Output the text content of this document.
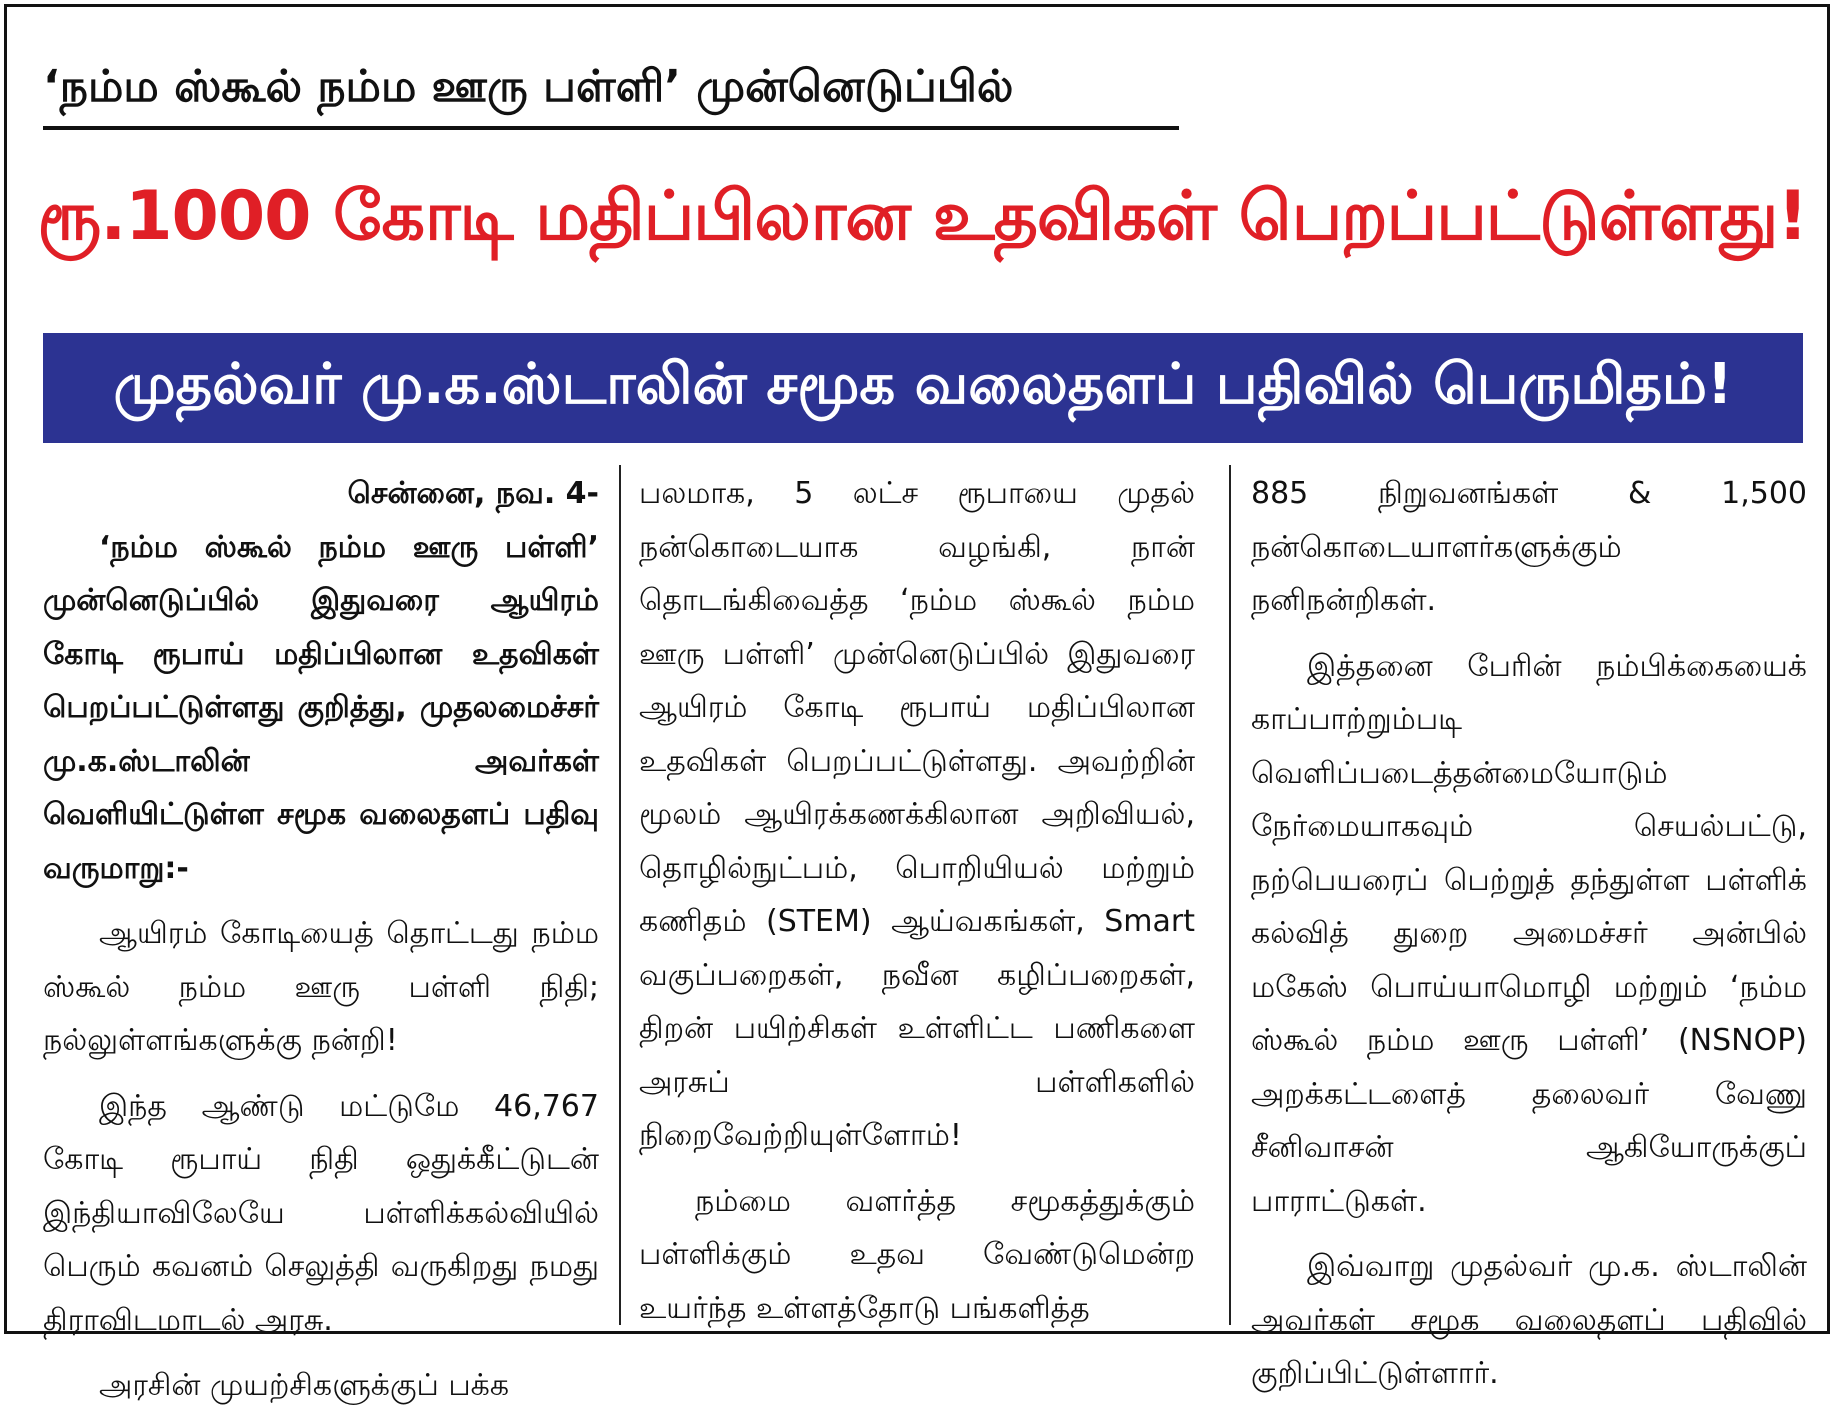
‘நம்ம ஸ்கூல் நம்ம ஊரு பள்ளி’ முன்னெடுப்பில்
ரூ.1000 கோடி மதிப்பிலான உதவிகள் பெறப்பட்டுள்ளது!
முதல்வர் மு.க.ஸ்டாலின் சமூக வலைதளப் பதிவில் பெருமிதம்!

சென்னை, நவ. 4-

‘நம்ம ஸ்கூல் நம்ம ஊரு பள்ளி’ முன்னெடுப்பில் இதுவரை ஆயிரம் கோடி ரூபாய் மதிப்பிலான உதவிகள் பெறப்பட்டுள்ளது குறித்து, முதலமைச்சர் மு.க.ஸ்டாலின் அவர்கள் வெளியிட்டுள்ள சமூக வலைதளப் பதிவு வருமாறு:-

ஆயிரம் கோடியைத் தொட்டது நம்ம ஸ்கூல் நம்ம ஊரு பள்ளி நிதி; நல்லுள்ளங்களுக்கு நன்றி!

இந்த ஆண்டு மட்டுமே 46,767 கோடி ரூபாய் நிதி ஒதுக்கீட்டுடன் இந்தியாவிலேயே பள்ளிக்கல்வியில் பெரும் கவனம் செலுத்தி வருகிறது நமது திராவிடமாடல் அரசு.

அரசின் முயற்சிகளுக்குப் பக்க

பலமாக, 5 லட்ச ரூபாயை முதல் நன்கொடையாக வழங்கி, நான் தொடங்கிவைத்த ‘நம்ம ஸ்கூல் நம்ம ஊரு பள்ளி’ முன்னெடுப்பில் இதுவரை ஆயிரம் கோடி ரூபாய் மதிப்பிலான உதவிகள் பெறப்பட்டுள்ளது. அவற்றின் மூலம் ஆயிரக்கணக்கிலான அறிவியல், தொழில்நுட்பம், பொறியியல் மற்றும் கணிதம் (STEM) ஆய்வகங்கள், Smart வகுப்பறைகள், நவீன கழிப்பறைகள், திறன் பயிற்சிகள் உள்ளிட்ட பணிகளை அரசுப் பள்ளிகளில் நிறைவேற்றியுள்ளோம்!

நம்மை வளர்த்த சமூகத்துக்கும் பள்ளிக்கும் உதவ வேண்டுமென்ற உயர்ந்த உள்ளத்தோடு பங்களித்த

885 நிறுவனங்கள் & 1,500 நன்கொடையாளர்களுக்கும் நனிநன்றிகள்.

இத்தனை பேரின் நம்பிக்கையைக் காப்பாற்றும்படி வெளிப்படைத்தன்மையோடும் நேர்மையாகவும் செயல்பட்டு, நற்பெயரைப் பெற்றுத் தந்துள்ள பள்ளிக் கல்வித் துறை அமைச்சர் அன்பில் மகேஸ் பொய்யாமொழி மற்றும் ‘நம்ம ஸ்கூல் நம்ம ஊரு பள்ளி’ (NSNOP) அறக்கட்டளைத் தலைவர் வேணு சீனிவாசன் ஆகியோருக்குப் பாராட்டுகள்.

இவ்வாறு முதல்வர் மு.க. ஸ்டாலின் அவர்கள் சமூக வலைதளப் பதிவில் குறிப்பிட்டுள்ளார்.
